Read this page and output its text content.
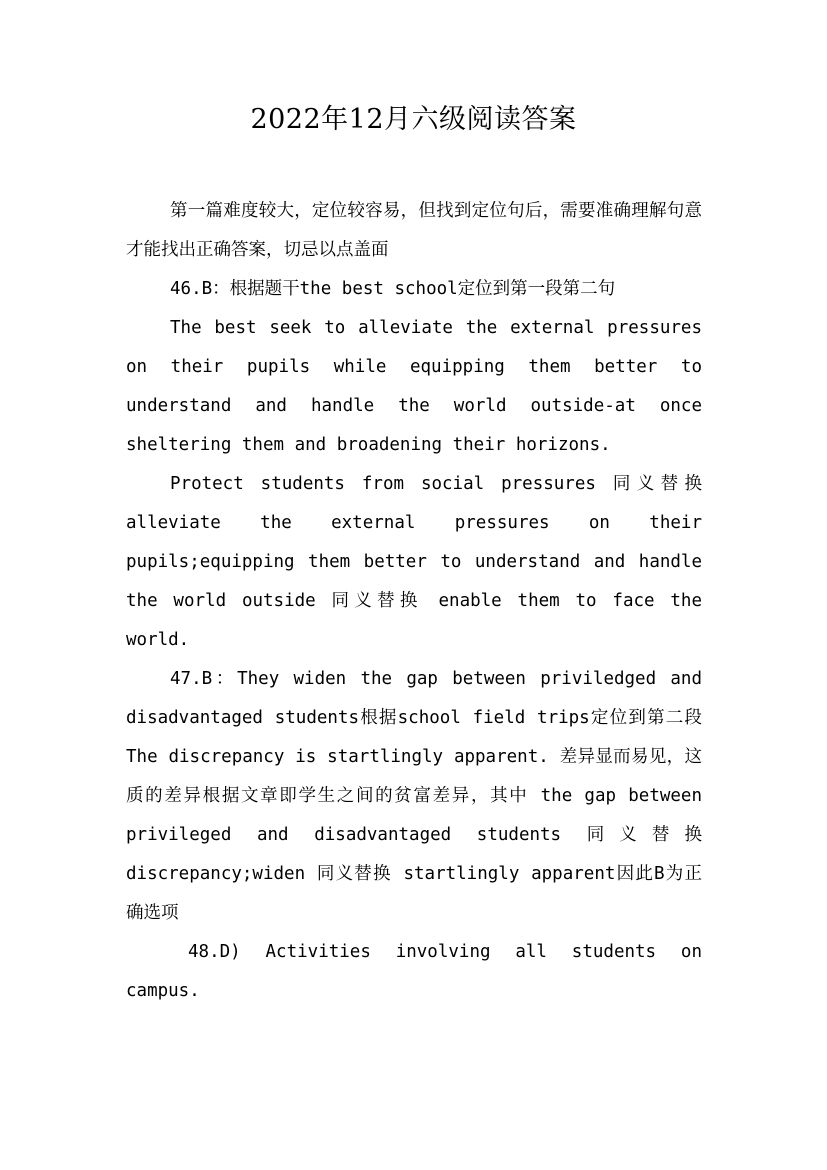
2022年12月六级阅读答案

第一篇难度较大，定位较容易，但找到定位句后，需要准确理解句意才能找出正确答案，切忌以点盖面

46.B：根据题干the best school定位到第一段第二句

The best seek to alleviate the external pressures on their pupils while equipping them better to understand and handle the world outside-at once sheltering them and broadening their horizons.

Protect students from social pressures 同义替换 alleviate the external pressures on their pupils;equipping them better to understand and handle the world outside 同义替换 enable them to face the world.

47.B：They widen the gap between priviledged and disadvantaged students根据school field trips定位到第二段The discrepancy is startlingly apparent. 差异显而易见，这质的差异根据文章即学生之间的贫富差异，其中 the gap between privileged and disadvantaged students 同义替换 discrepancy;widen 同义替换 startlingly apparent因此B为正确选项

48.D) Activities involving all students on campus.
